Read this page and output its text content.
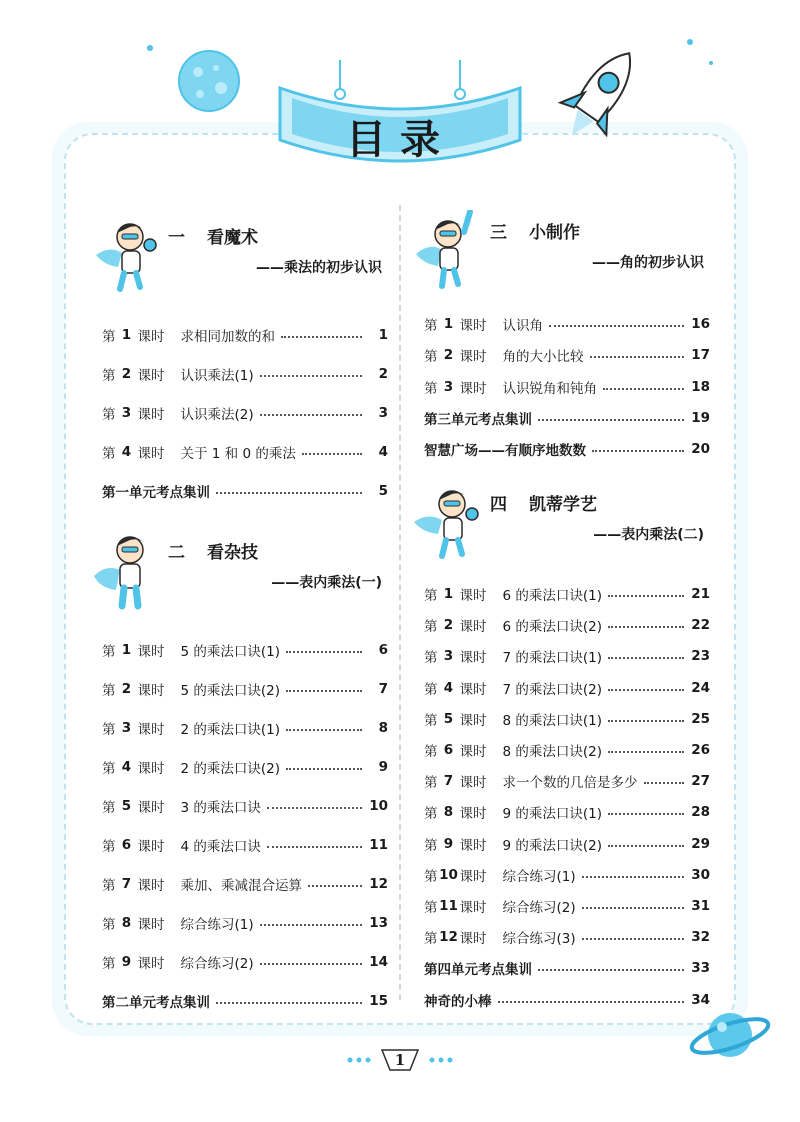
目录
一 看魔术
——乘法的初步认识
第 1 课时 求相同加数的和	1
第 2 课时 认识乘法(1)	2
第 3 课时 认识乘法(2)	3
第 4 课时 关于 1 和 0 的乘法	4
第一单元考点集训	5
二 看杂技
——表内乘法(一)
第 1 课时 5 的乘法口诀(1)	6
第 2 课时 5 的乘法口诀(2)	7
第 3 课时 2 的乘法口诀(1)	8
第 4 课时 2 的乘法口诀(2)	9
第 5 课时 3 的乘法口诀	10
第 6 课时 4 的乘法口诀	11
第 7 课时 乘加、乘减混合运算	12
第 8 课时 综合练习(1)	13
第 9 课时 综合练习(2)	14
第二单元考点集训	15
三 小制作
——角的初步认识
第 1 课时 认识角	16
第 2 课时 角的大小比较	17
第 3 课时 认识锐角和钝角	18
第三单元考点集训	19
智慧广场——有顺序地数数	20
四 凯蒂学艺
——表内乘法(二)
第 1 课时 6 的乘法口诀(1)	21
第 2 课时 6 的乘法口诀(2)	22
第 3 课时 7 的乘法口诀(1)	23
第 4 课时 7 的乘法口诀(2)	24
第 5 课时 8 的乘法口诀(1)	25
第 6 课时 8 的乘法口诀(2)	26
第 7 课时 求一个数的几倍是多少	27
第 8 课时 9 的乘法口诀(1)	28
第 9 课时 9 的乘法口诀(2)	29
第 10 课时 综合练习(1)	30
第 11 课时 综合练习(2)	31
第 12 课时 综合练习(3)	32
第四单元考点集训	33
神奇的小棒	34
1
